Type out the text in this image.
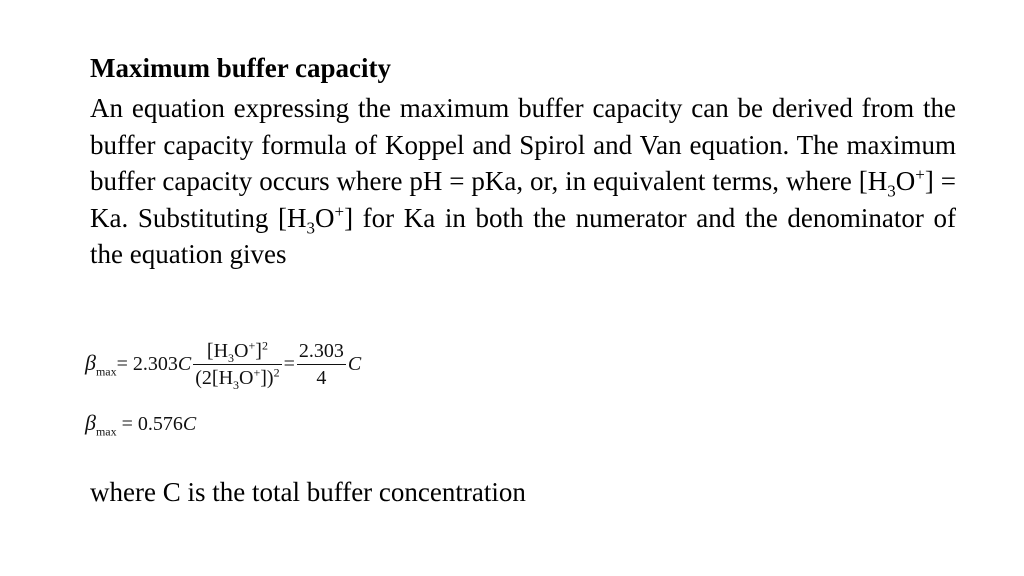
Maximum buffer capacity

An equation expressing the maximum buffer capacity can be derived from the buffer capacity formula of Koppel and Spirol and Van equation. The maximum buffer capacity occurs where pH = pKa, or, in equivalent terms, where $[H_3O^+] = Ka$. Substituting $[H_3O^+]$ for Ka in both the numerator and the denominator of the equation gives

$\beta_{max}= 2.303C \frac{[H_3O^+]^2}{(2[H_3O^+])^2} = \frac{2.303}{4}$ C
$\beta_{max} = 0.576C$
where C is the total buffer concentration
